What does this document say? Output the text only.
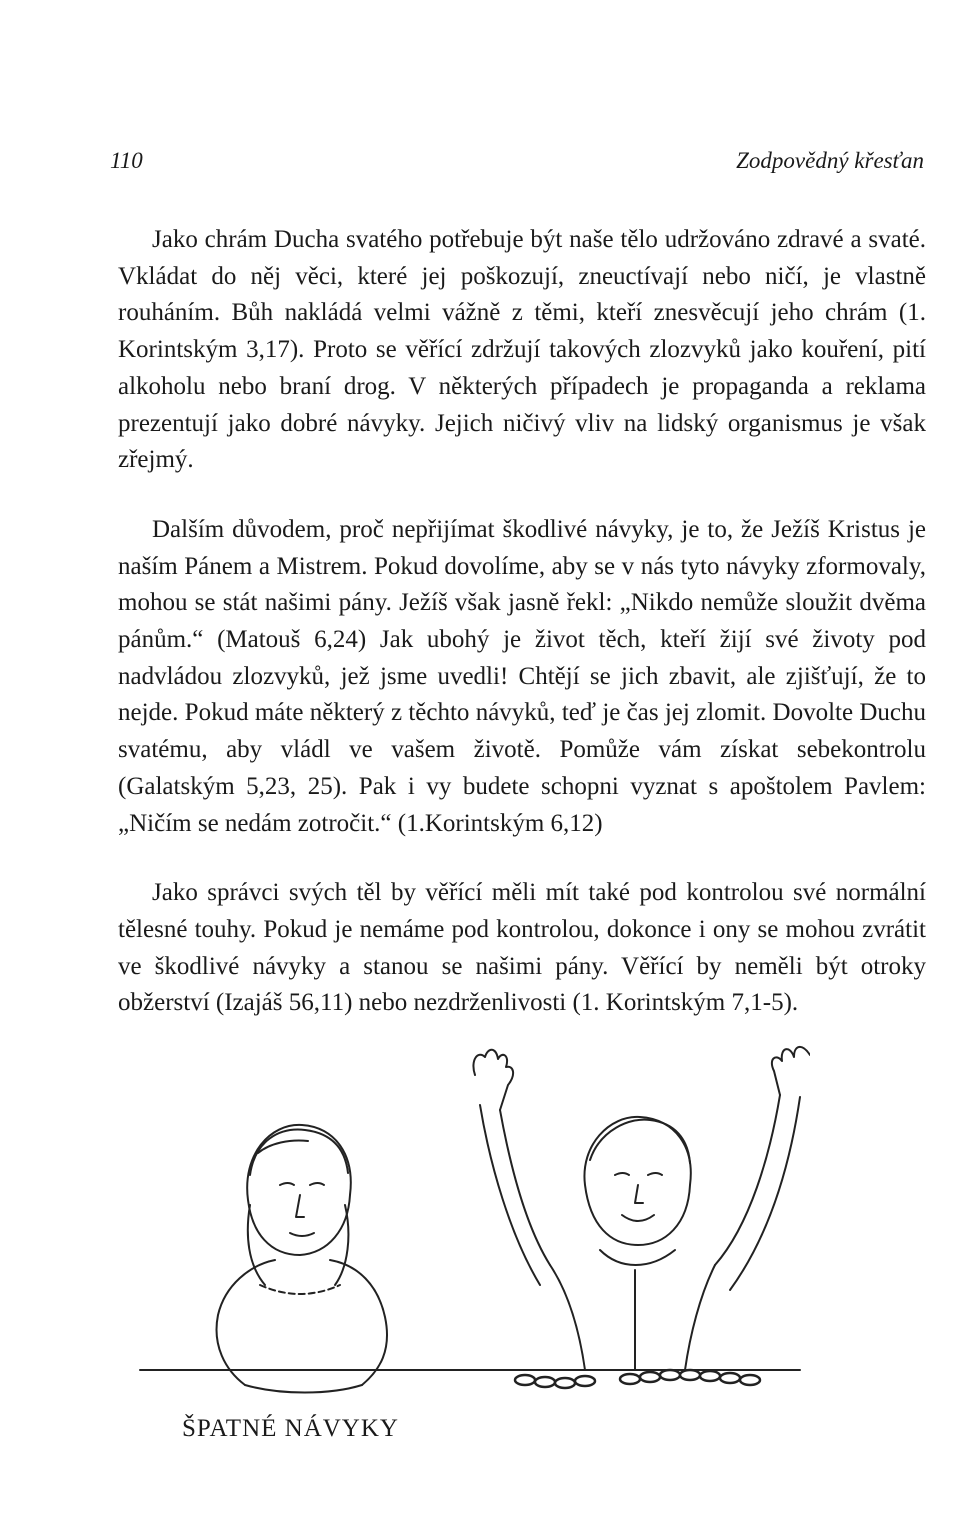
110	Zodpovědný křesťan

Jako chrám Ducha svatého potřebuje být naše tělo udržováno zdravé a svaté. Vkládat do něj věci, které jej poškozují, zneuctívají nebo ničí, je vlastně rouháním. Bůh nakládá velmi vážně z těmi, kteří znesvěcují jeho chrám (1. Korintským 3,17). Proto se věřící zdržují takových zlozvyků jako kouření, pití alkoholu nebo braní drog. V některých případech je propaganda a reklama prezentují jako dobré návyky. Jejich ničivý vliv na lidský organismus je však zřejmý.

Dalším důvodem, proč nepřijímat škodlivé návyky, je to, že Ježíš Kristus je naším Pánem a Mistrem. Pokud dovolíme, aby se v nás tyto návyky zformovaly, mohou se stát našimi pány. Ježíš však jasně řekl: „Nikdo nemůže sloužit dvěma pánům.“ (Matouš 6,24) Jak ubohý je život těch, kteří žijí své životy pod nadvládou zlozvyků, jež jsme uvedli! Chtějí se jich zbavit, ale zjišťují, že to nejde. Pokud máte některý z těchto návyků, teď je čas jej zlomit. Dovolte Duchu svatému, aby vládl ve vašem životě. Pomůže vám získat sebekontrolu (Galatským 5,23, 25). Pak i vy budete schopni vyznat s apoštolem Pavlem: „Ničím se nedám zotročit.“ (1.Korintským 6,12)

Jako správci svých těl by věřící měli mít také pod kontrolou své normální tělesné touhy. Pokud je nemáme pod kontrolou, dokonce i ony se mohou zvrátit ve škodlivé návyky a stanou se našimi pány. Věřící by neměli být otroky obžerství (Izajáš 56,11) nebo nezdrženlivosti (1. Korintským 7,1-5).

ŠPATNÉ NÁVYKY
